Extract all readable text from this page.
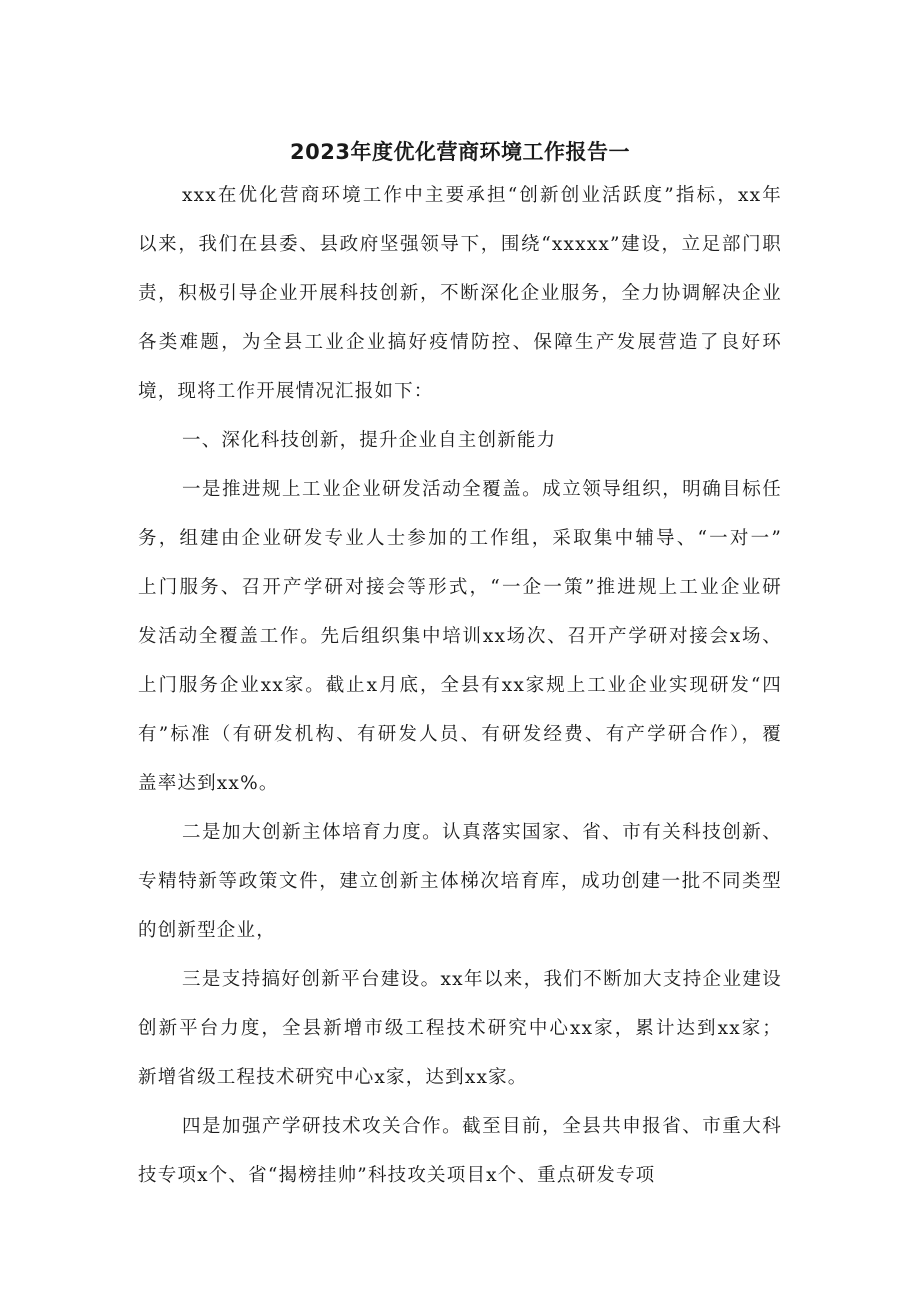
2023年度优化营商环境工作报告一
xxx在优化营商环境工作中主要承担“创新创业活跃度”指标，xx年
以来，我们在县委、县政府坚强领导下，围绕“xxxxx”建设，立足部门职
责，积极引导企业开展科技创新，不断深化企业服务，全力协调解决企业
各类难题，为全县工业企业搞好疫情防控、保障生产发展营造了良好环
境，现将工作开展情况汇报如下：
一、深化科技创新，提升企业自主创新能力
一是推进规上工业企业研发活动全覆盖。成立领导组织，明确目标任
务，组建由企业研发专业人士参加的工作组，采取集中辅导、“一对一”
上门服务、召开产学研对接会等形式，“一企一策”推进规上工业企业研
发活动全覆盖工作。先后组织集中培训xx场次、召开产学研对接会x场、
上门服务企业xx家。截止x月底，全县有xx家规上工业企业实现研发“四
有”标准（有研发机构、有研发人员、有研发经费、有产学研合作），覆
盖率达到xx%。
二是加大创新主体培育力度。认真落实国家、省、市有关科技创新、
专精特新等政策文件，建立创新主体梯次培育库，成功创建一批不同类型
的创新型企业，
三是支持搞好创新平台建设。xx年以来，我们不断加大支持企业建设
创新平台力度，全县新增市级工程技术研究中心xx家，累计达到xx家；
新增省级工程技术研究中心x家，达到xx家。
四是加强产学研技术攻关合作。截至目前，全县共申报省、市重大科
技专项x个、省“揭榜挂帅”科技攻关项目x个、重点研发专项
